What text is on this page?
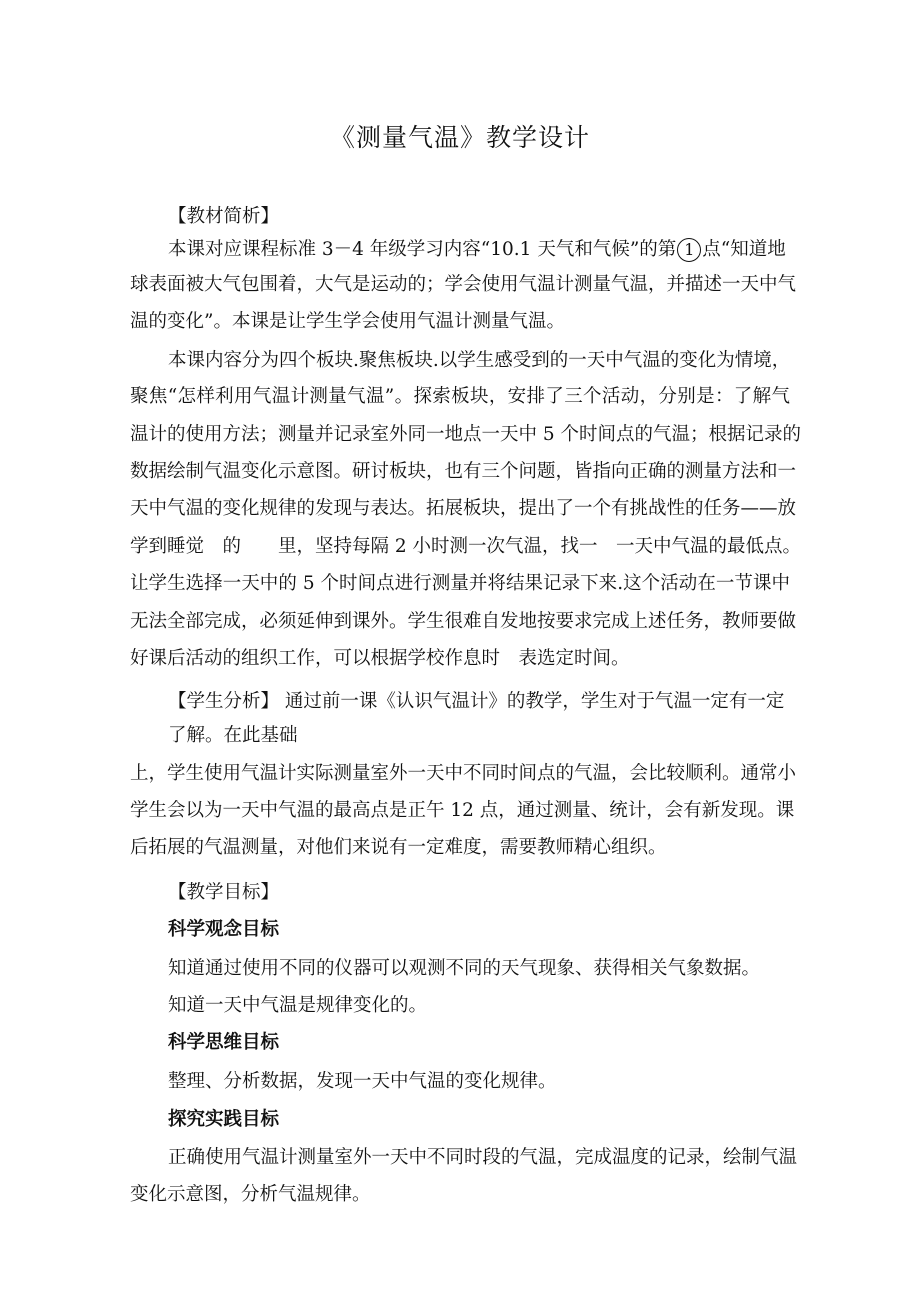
《测量气温》教学设计
【教材简析】
本课对应课程标准 3－4 年级学习内容“10.1 天气和气候”的第 1 点“知道地
球表面被大气包围着，大气是运动的；学会使用气温计测量气温，并描述一天中气
温的变化”。本课是让学生学会使用气温计测量气温。
本课内容分为四个板块.聚焦板块.以学生感受到的一天中气温的变化为情境，
聚焦“怎样利用气温计测量气温”。探索板块，安排了三个活动，分别是：了解气
温计的使用方法；测量并记录室外同一地点一天中 5 个时间点的气温；根据记录的
数据绘制气温变化示意图。研讨板块，也有三个问题，皆指向正确的测量方法和一
天中气温的变化规律的发现与表达。拓展板块，提出了一个有挑战性的任务——放
学到睡觉　的　　里，坚持每隔 2 小时测一次气温，找一　一天中气温的最低点。
让学生选择一天中的 5 个时间点进行测量并将结果记录下来.这个活动在一节课中
无法全部完成，必须延伸到课外。学生很难自发地按要求完成上述任务，教师要做
好课后活动的组织工作，可以根据学校作息时　表选定时间。
【学生分析】 通过前一课《认识气温计》的教学，学生对于气温一定有一定
了解。在此基础
上，学生使用气温计实际测量室外一天中不同时间点的气温，会比较顺利。通常小
学生会以为一天中气温的最高点是正午 12 点，通过测量、统计，会有新发现。课
后拓展的气温测量，对他们来说有一定难度，需要教师精心组织。
【教学目标】
科学观念目标
知道通过使用不同的仪器可以观测不同的天气现象、获得相关气象数据。
知道一天中气温是规律变化的。
科学思维目标
整理、分析数据，发现一天中气温的变化规律。
探究实践目标
正确使用气温计测量室外一天中不同时段的气温，完成温度的记录，绘制气温
变化示意图，分析气温规律。
